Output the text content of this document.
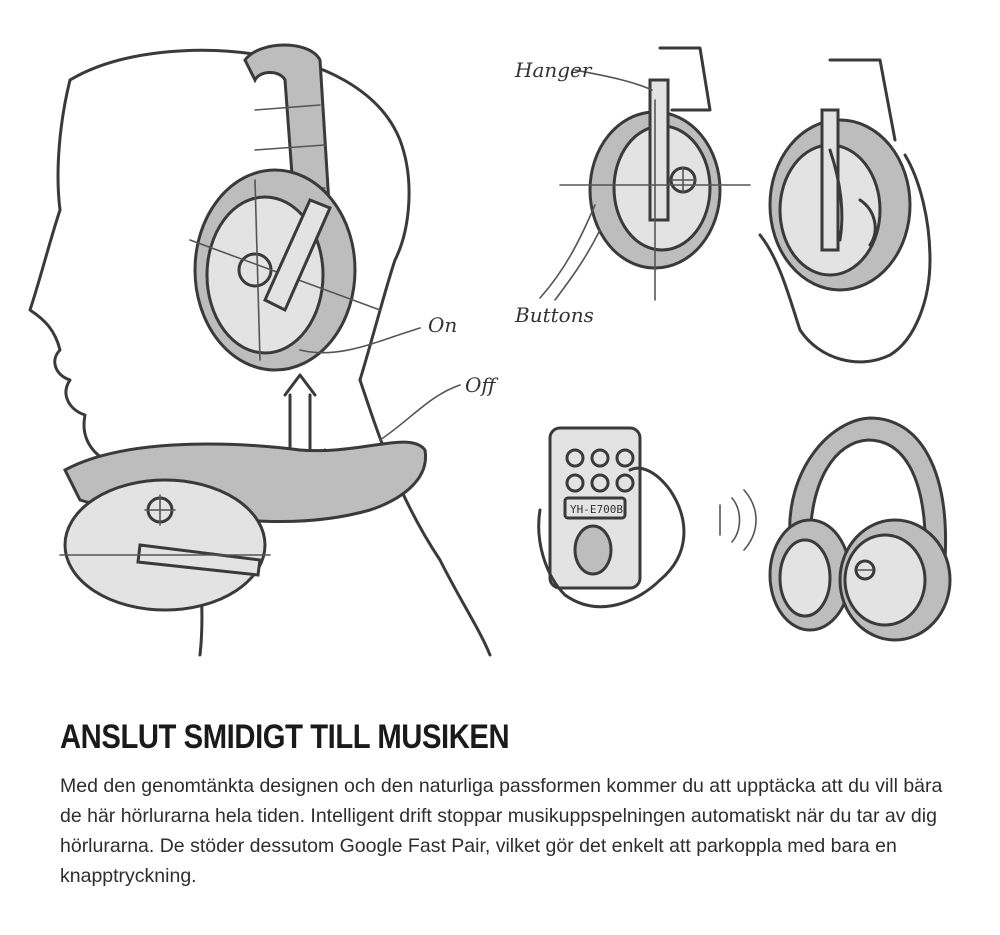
On
Off
Hanger
Buttons
YH-E700B
ANSLUT SMIDIGT TILL MUSIKEN

Med den genomtänkta designen och den naturliga passformen kommer du att upptäcka att du vill bära de här hörlurarna hela tiden. Intelligent drift stoppar musikuppspelningen automatiskt när du tar av dig hörlurarna. De stöder dessutom Google Fast Pair, vilket gör det enkelt att parkoppla med bara en knapptryckning.
